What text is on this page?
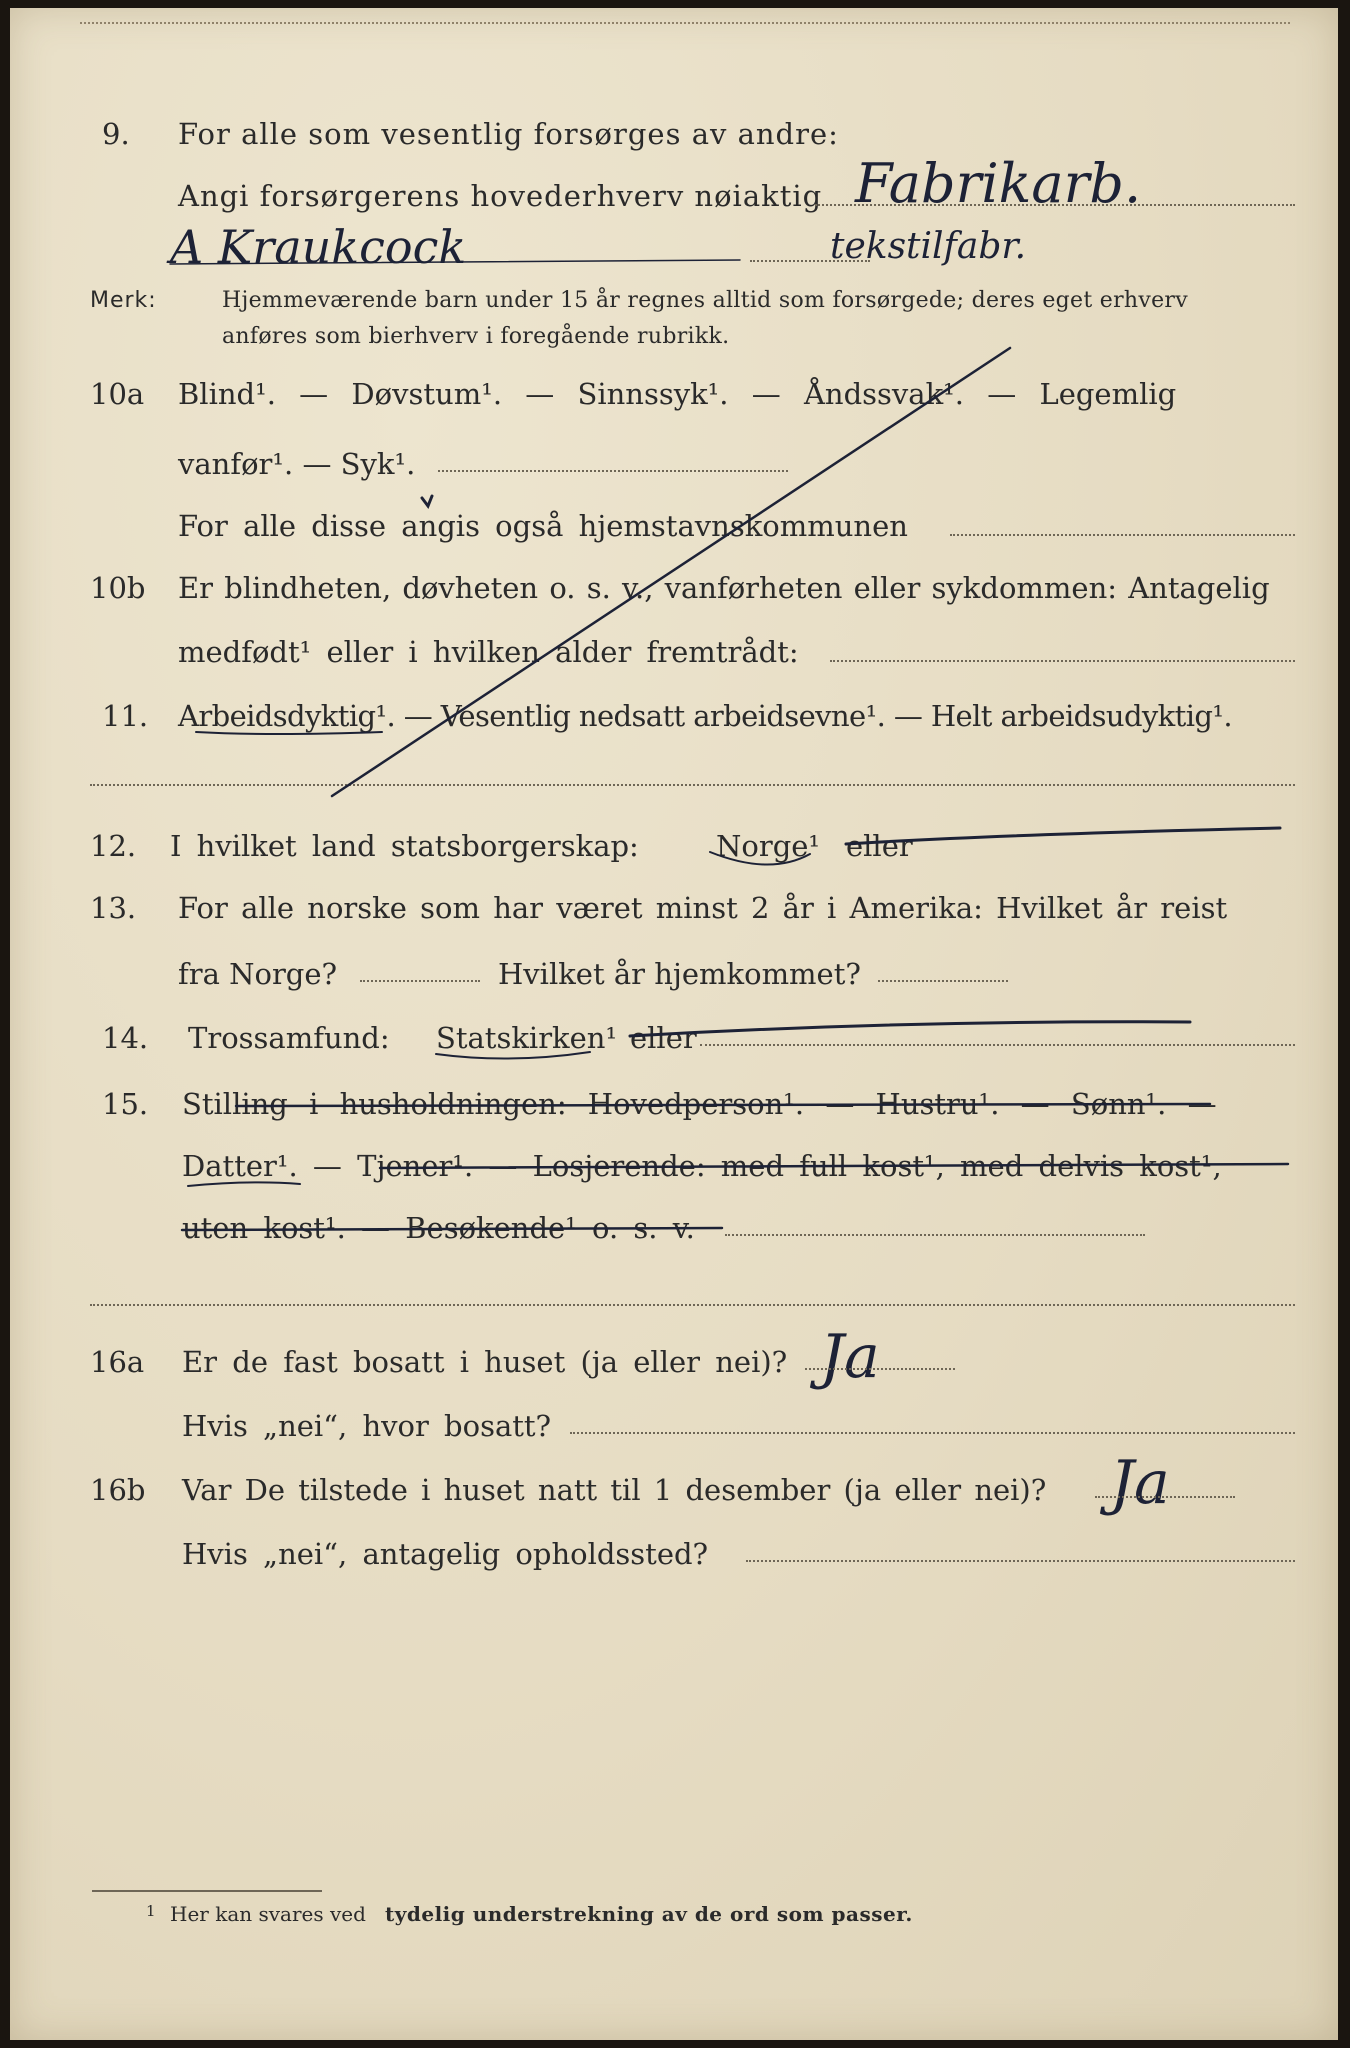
9. For alle som vesentlig forsørges av andre:
Angi forsørgerens hovederhverv nøiaktig Fabrikarb.
A Kraukcock	tekstilfabr.
Merk:	Hjemmeværende barn under 15 år regnes alltid som forsørgede; deres eget erhverv
anføres som bierhverv i foregående rubrikk.
10a Blind¹. — Døvstum¹. — Sinnssyk¹. — Åndssvak¹. — Legemlig
vanfør¹. — Syk¹.
For alle disse angis også hjemstavnskommunen
10b Er blindheten, døvheten o. s. v., vanførheten eller sykdommen: Antagelig
medfødt¹ eller i hvilken alder fremtrådt:
11. Arbeidsdyktig¹. — Vesentlig nedsatt arbeidsevne¹. — Helt arbeidsudyktig¹.
12. I hvilket land statsborgerskap:	Norge¹ eller
13. For alle norske som har været minst 2 år i Amerika: Hvilket år reist
fra Norge?	Hvilket år hjemkommet?
14. Trossamfund: Statskirken¹ eller
15. Stilling i husholdningen: Hovedperson¹. — Hustru¹. — Sønn¹. —
Datter¹. — Tjener¹. — Losjerende: med full kost¹, med delvis kost¹,
uten kost¹. — Besøkende¹ o. s. v.
16a Er de fast bosatt i huset (ja eller nei)? Ja
Hvis „nei“, hvor bosatt?
16b Var De tilstede i huset natt til 1 desember (ja eller nei)? Ja
Hvis „nei“, antagelig opholdssted?
1 Her kan svares ved tydelig understrekning av de ord som passer.
